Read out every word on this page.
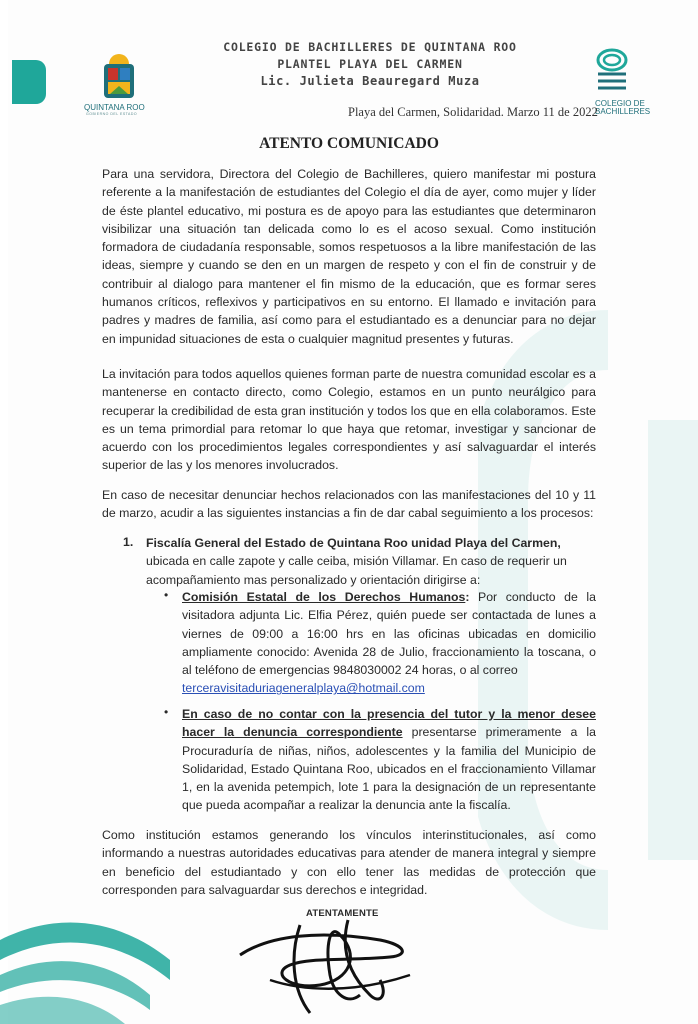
QUINTANA ROO
GOBIERNO DEL ESTADO
COLEGIO DE
BACHILLERES
COLEGIO DE BACHILLERES DE QUINTANA ROO
PLANTEL PLAYA DEL CARMEN
Lic. Julieta Beauregard Muza
Playa del Carmen, Solidaridad. Marzo 11 de 2022
ATENTO COMUNICADO
Para una servidora, Directora del Colegio de Bachilleres, quiero manifestar mi postura referente a la manifestación de estudiantes del Colegio el día de ayer, como mujer y líder de éste plantel educativo, mi postura es de apoyo para las estudiantes que determinaron visibilizar una situación tan delicada como lo es el acoso sexual. Como institución formadora de ciudadanía responsable, somos respetuosos a la libre manifestación de las ideas, siempre y cuando se den en un margen de respeto y con el fin de construir y de contribuir al dialogo para mantener el fin mismo de la educación, que es formar seres humanos críticos, reflexivos y participativos en su entorno. El llamado e invitación para padres y madres de familia, así como para el estudiantado es a denunciar para no dejar en impunidad situaciones de esta o cualquier magnitud presentes y futuras.
La invitación para todos aquellos quienes forman parte de nuestra comunidad escolar es a mantenerse en contacto directo, como Colegio, estamos en un punto neurálgico para recuperar la credibilidad de esta gran institución y todos los que en ella colaboramos. Este es un tema primordial para retomar lo que haya que retomar, investigar y sancionar de acuerdo con los procedimientos legales correspondientes y así salvaguardar el interés superior de las y los menores involucrados.
En caso de necesitar denunciar hechos relacionados con las manifestaciones del 10 y 11 de marzo, acudir a las siguientes instancias a fin de dar cabal seguimiento a los procesos:
1. Fiscalía General del Estado de Quintana Roo unidad Playa del Carmen, ubicada en calle zapote y calle ceiba, misión Villamar. En caso de requerir un acompañamiento mas personalizado y orientación dirigirse a:
• Comisión Estatal de los Derechos Humanos: Por conducto de la visitadora adjunta Lic. Elfia Pérez, quién puede ser contactada de lunes a viernes de 09:00 a 16:00 hrs en las oficinas ubicadas en domicilio ampliamente conocido: Avenida 28 de Julio, fraccionamiento la toscana, o al teléfono de emergencias 9848030002 24 horas, o al correo
terceravisitaduriageneralplaya@hotmail.com
• En caso de no contar con la presencia del tutor y la menor desee hacer la denuncia correspondiente presentarse primeramente a la Procuraduría de niñas, niños, adolescentes y la familia del Municipio de Solidaridad, Estado Quintana Roo, ubicados en el fraccionamiento Villamar 1, en la avenida petempich, lote 1 para la designación de un representante que pueda acompañar a realizar la denuncia ante la fiscalía.
Como institución estamos generando los vínculos interinstitucionales, así como informando a nuestras autoridades educativas para atender de manera integral y siempre en beneficio del estudiantado y con ello tener las medidas de protección que corresponden para salvaguardar sus derechos e integridad.
ATENTAMENTE
